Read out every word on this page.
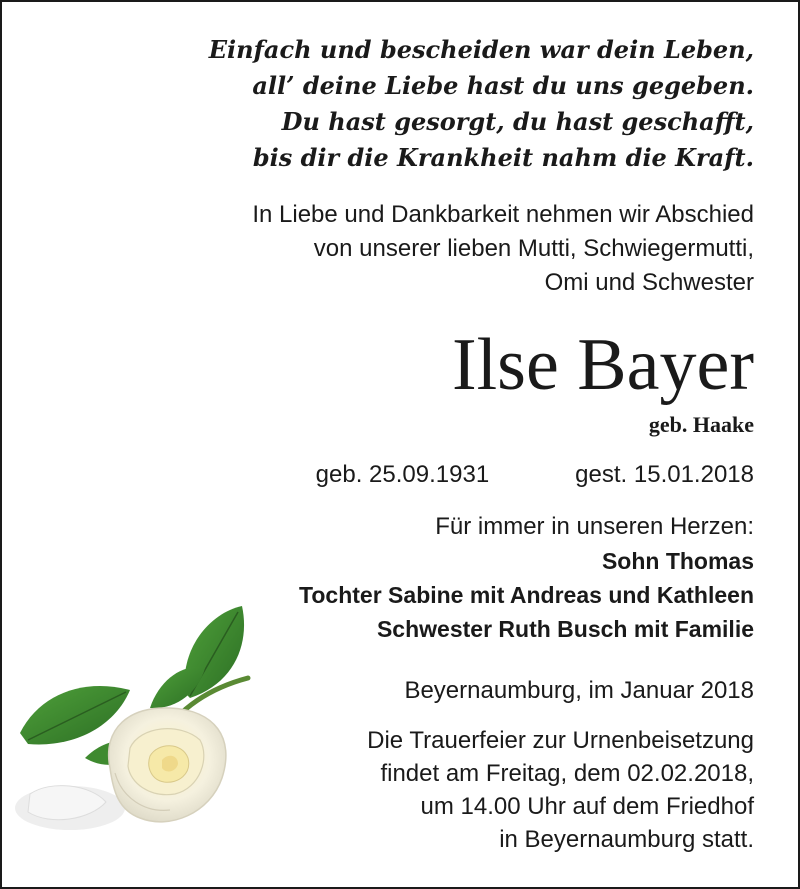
Einfach und bescheiden war dein Leben,
all’ deine Liebe hast du uns gegeben.
Du hast gesorgt, du hast geschafft,
bis dir die Krankheit nahm die Kraft.
In Liebe und Dankbarkeit nehmen wir Abschied
von unserer lieben Mutti, Schwiegermutti,
Omi und Schwester
Ilse Bayer
geb. Haake
geb. 25.09.1931	gest. 15.01.2018
Für immer in unseren Herzen:
Sohn Thomas
Tochter Sabine mit Andreas und Kathleen
Schwester Ruth Busch mit Familie
Beyernaumburg, im Januar 2018
Die Trauerfeier zur Urnenbeisetzung
findet am Freitag, dem 02.02.2018,
um 14.00 Uhr auf dem Friedhof
in Beyernaumburg statt.
